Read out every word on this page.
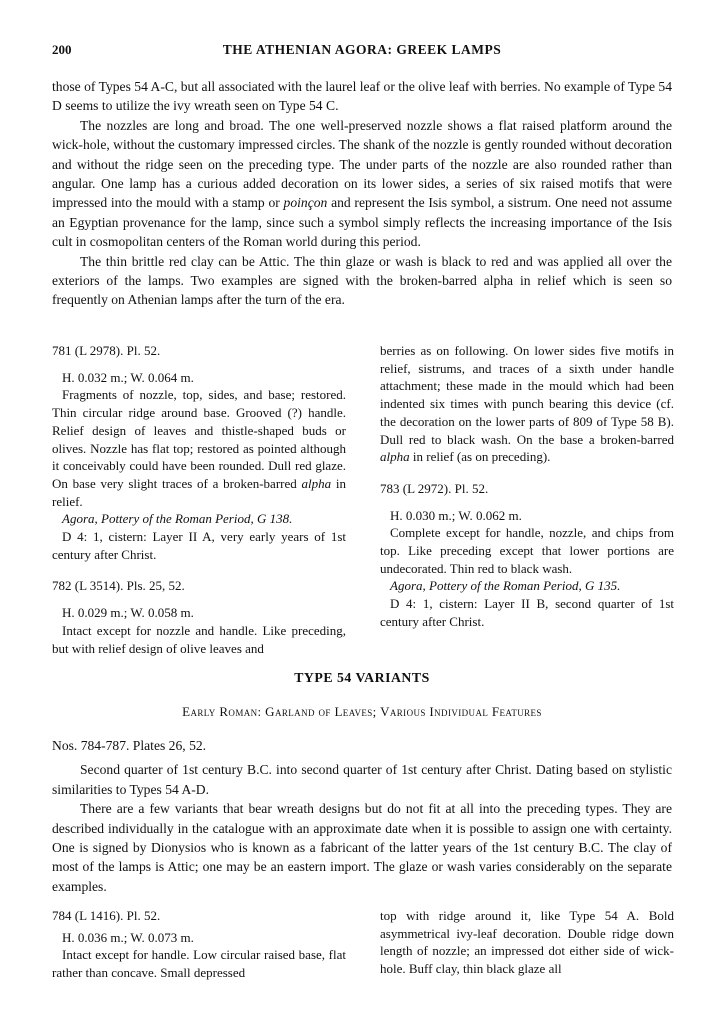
200	THE ATHENIAN AGORA: GREEK LAMPS

those of Types 54 A-C, but all associated with the laurel leaf or the olive leaf with berries. No example of Type 54 D seems to utilize the ivy wreath seen on Type 54 C.

The nozzles are long and broad. The one well-preserved nozzle shows a flat raised platform around the wick-hole, without the customary impressed circles. The shank of the nozzle is gently rounded without decoration and without the ridge seen on the preceding type. The under parts of the nozzle are also rounded rather than angular. One lamp has a curious added decoration on its lower sides, a series of six raised motifs that were impressed into the mould with a stamp or poinçon and represent the Isis symbol, a sistrum. One need not assume an Egyptian provenance for the lamp, since such a symbol simply reflects the increasing importance of the Isis cult in cosmopolitan centers of the Roman world during this period.

The thin brittle red clay can be Attic. The thin glaze or wash is black to red and was applied all over the exteriors of the lamps. Two examples are signed with the broken-barred alpha in relief which is seen so frequently on Athenian lamps after the turn of the era.

781 (L 2978). Pl. 52.

H. 0.032 m.; W. 0.064 m.

Fragments of nozzle, top, sides, and base; restored. Thin circular ridge around base. Grooved (?) handle. Relief design of leaves and thistle-shaped buds or olives. Nozzle has flat top; restored as pointed although it conceivably could have been rounded. Dull red glaze. On base very slight traces of a broken-barred alpha in relief.

Agora, Pottery of the Roman Period, G 138.

D 4: 1, cistern: Layer II A, very early years of 1st century after Christ.

782 (L 3514). Pls. 25, 52.

H. 0.029 m.; W. 0.058 m.

Intact except for nozzle and handle. Like preceding, but with relief design of olive leaves and

berries as on following. On lower sides five motifs in relief, sistrums, and traces of a sixth under handle attachment; these made in the mould which had been indented six times with punch bearing this device (cf. the decoration on the lower parts of 809 of Type 58 B). Dull red to black wash. On the base a broken-barred alpha in relief (as on preceding).

783 (L 2972). Pl. 52.

H. 0.030 m.; W. 0.062 m.

Complete except for handle, nozzle, and chips from top. Like preceding except that lower portions are undecorated. Thin red to black wash.

Agora, Pottery of the Roman Period, G 135.

D 4: 1, cistern: Layer II B, second quarter of 1st century after Christ.

TYPE 54 VARIANTS
Early Roman: Garland of Leaves; Various Individual Features

Nos. 784-787. Plates 26, 52.

Second quarter of 1st century B.C. into second quarter of 1st century after Christ. Dating based on stylistic similarities to Types 54 A-D.

There are a few variants that bear wreath designs but do not fit at all into the preceding types. They are described individually in the catalogue with an approximate date when it is possible to assign one with certainty. One is signed by Dionysios who is known as a fabricant of the latter years of the 1st century B.C. The clay of most of the lamps is Attic; one may be an eastern import. The glaze or wash varies considerably on the separate examples.

784 (L 1416). Pl. 52.

H. 0.036 m.; W. 0.073 m.

Intact except for handle. Low circular raised base, flat rather than concave. Small depressed

top with ridge around it, like Type 54 A. Bold asymmetrical ivy-leaf decoration. Double ridge down length of nozzle; an impressed dot either side of wick-hole. Buff clay, thin black glaze all
